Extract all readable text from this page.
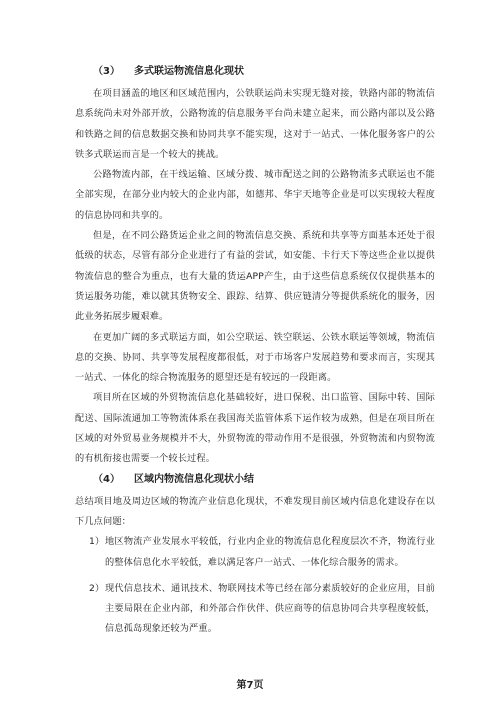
（3） 多式联运物流信息化现状

在项目涵盖的地区和区域范围内，公铁联运尚未实现无缝对接，铁路内部的物流信息系统尚未对外部开放，公路物流的信息服务平台尚未建立起来，而公路内部以及公路和铁路之间的信息数据交换和协同共享不能实现，这对于一站式、一体化服务客户的公铁多式联运而言是一个较大的挑战。

公路物流内部，在干线运输、区域分拨、城市配送之间的公路物流多式联运也不能全部实现，在部分业内较大的企业内部，如德邦、华宇天地等企业是可以实现较大程度的信息协同和共享的。

但是，在不同公路货运企业之间的物流信息交换、系统和共享等方面基本还处于很低级的状态，尽管有部分企业进行了有益的尝试，如安能、卡行天下等这些企业以提供物流信息的整合为重点，也有大量的货运APP产生，由于这些信息系统仅仅提供基本的货运服务功能，难以就其货物安全、跟踪、结算、供应链清分等提供系统化的服务，因此业务拓展步履艰难。

在更加广阔的多式联运方面，如公空联运、铁空联运、公铁水联运等领域，物流信息的交换、协同、共享等发展程度都很低，对于市场客户发展趋势和要求而言，实现其一站式、一体化的综合物流服务的愿望还是有较远的一段距离。

项目所在区域的外贸物流信息化基础较好，进口保税、出口监管、国际中转、国际配送、国际流通加工等物流体系在我国海关监管体系下运作较为成熟，但是在项目所在区域的对外贸易业务规模并不大，外贸物流的带动作用不是很强，外贸物流和内贸物流的有机衔接也需要一个较长过程。

（4） 区域内物流信息化现状小结

总结项目地及周边区域的物流产业信息化现状，不难发现目前区域内信息化建设存在以下几点问题：

1） 地区物流产业发展水平较低，行业内企业的物流信息化程度层次不齐，物流行业的整体信息化水平较低，难以满足客户一站式、一体化综合服务的需求。
2） 现代信息技术、通讯技术、物联网技术等已经在部分素质较好的企业应用，目前主要局限在企业内部，和外部合作伙伴、供应商等的信息协同合共享程度较低，信息孤岛现象还较为严重。
第7页
